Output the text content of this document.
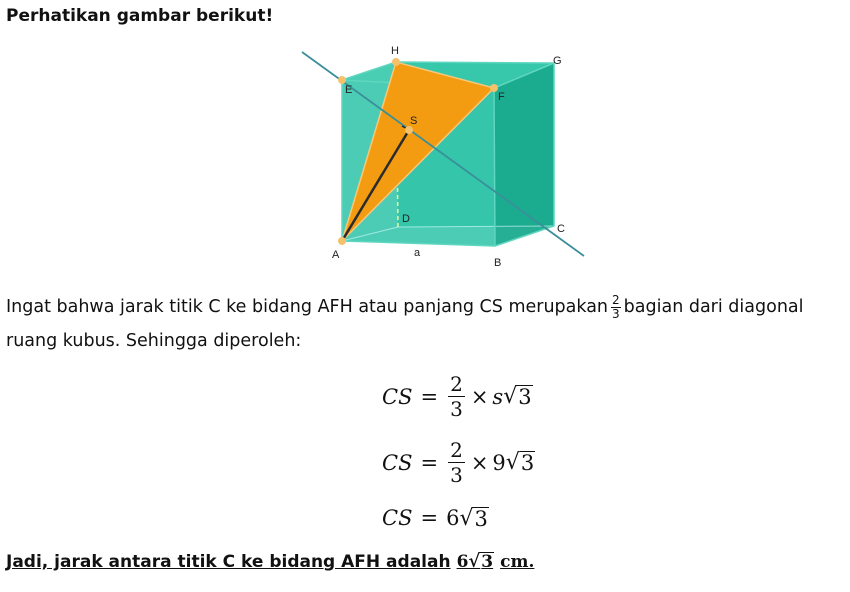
Perhatikan gambar berikut!
H
G
E
F
S
D
C
A	a
B
Ingat bahwa jarak titik C ke bidang AFH atau panjang CS merupakan $\frac{2}{3}$ bagian dari diagonal ruang kubus. Sehingga diperoleh:
CS = $\frac{2}{3} \times s$ √ 3
CS = $\frac{2}{3} \times 9$ √ 3
CS = 6 √ 3
Jadi, jarak antara titik C ke bidang AFH adalah 6 √ 3 cm.
